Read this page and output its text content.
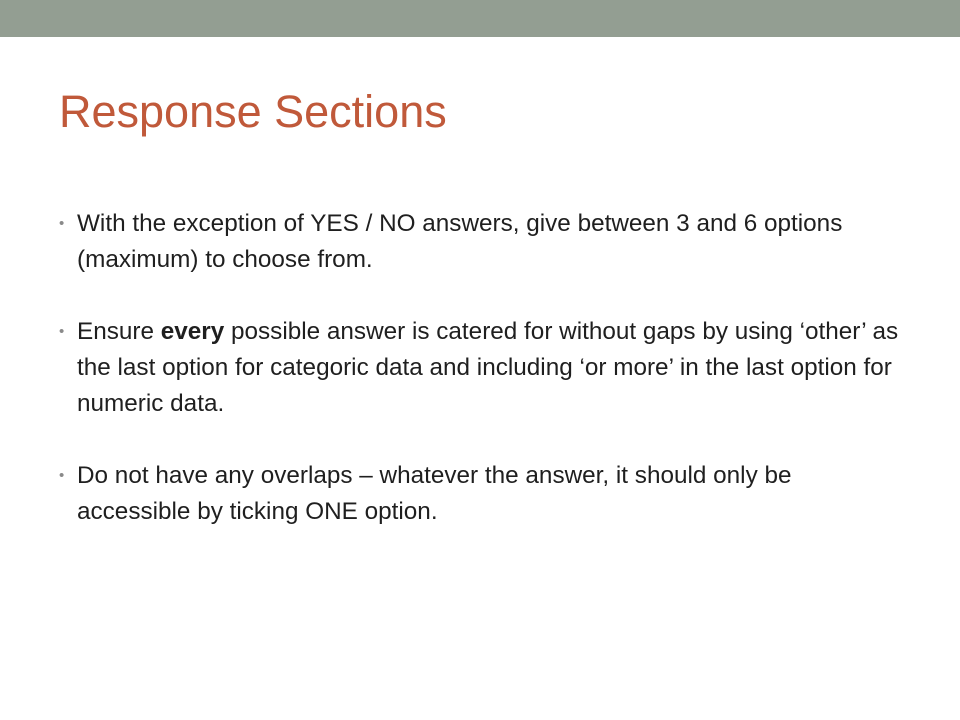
Response Sections
• With the exception of YES / NO answers, give between 3 and 6 options (maximum) to choose from.
• Ensure every possible answer is catered for without gaps by using ‘other’ as the last option for categoric data and including ‘or more’ in the last option for numeric data.
• Do not have any overlaps – whatever the answer, it should only be accessible by ticking ONE option.
